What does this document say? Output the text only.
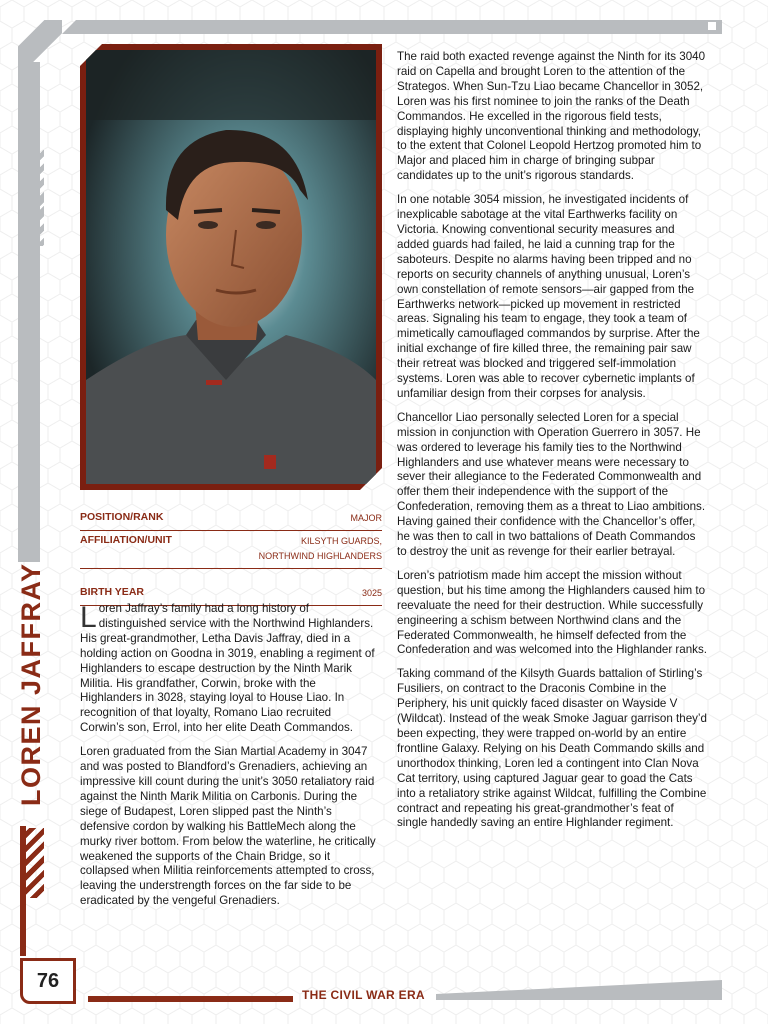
LOREN JAFFRAY
POSITION/RANK	MAJOR
AFFILIATION/UNIT	KILSYTH GUARDS,
NORTHWIND HIGHLANDERS
BIRTH YEAR	3025

Loren Jaffray’s family had a long history of distinguished service with the Northwind Highlanders. His great-grandmother, Letha Davis Jaffray, died in a holding action on Goodna in 3019, enabling a regiment of Highlanders to escape destruction by the Ninth Marik Militia. His grandfather, Corwin, broke with the Highlanders in 3028, staying loyal to House Liao. In recognition of that loyalty, Romano Liao recruited Corwin’s son, Errol, into her elite Death Commandos.

Loren graduated from the Sian Martial Academy in 3047 and was posted to Blandford’s Grenadiers, achieving an impressive kill count during the unit’s 3050 retaliatory raid against the Ninth Marik Militia on Carbonis. During the siege of Budapest, Loren slipped past the Ninth’s defensive cordon by walking his BattleMech along the murky river bottom. From below the waterline, he critically weakened the supports of the Chain Bridge, so it collapsed when Militia reinforcements attempted to cross, leaving the understrength forces on the far side to be eradicated by the vengeful Grenadiers.

The raid both exacted revenge against the Ninth for its 3040 raid on Capella and brought Loren to the attention of the Strategos. When Sun-Tzu Liao became Chancellor in 3052, Loren was his first nominee to join the ranks of the Death Commandos. He excelled in the rigorous field tests, displaying highly unconventional thinking and methodology, to the extent that Colonel Leopold Hertzog promoted him to Major and placed him in charge of bringing subpar candidates up to the unit’s rigorous standards.

In one notable 3054 mission, he investigated incidents of inexplicable sabotage at the vital Earthwerks facility on Victoria. Knowing conventional security measures and added guards had failed, he laid a cunning trap for the saboteurs. Despite no alarms having been tripped and no reports on security channels of anything unusual, Loren’s own constellation of remote sensors—air gapped from the Earthwerks network—picked up movement in restricted areas. Signaling his team to engage, they took a team of mimetically camouflaged commandos by surprise. After the initial exchange of fire killed three, the remaining pair saw their retreat was blocked and triggered self-immolation systems. Loren was able to recover cybernetic implants of unfamiliar design from their corpses for analysis.

Chancellor Liao personally selected Loren for a special mission in conjunction with Operation Guerrero in 3057. He was ordered to leverage his family ties to the Northwind Highlanders and use whatever means were necessary to sever their allegiance to the Federated Commonwealth and offer them their independence with the support of the Confederation, removing them as a threat to Liao ambitions. Having gained their confidence with the Chancellor’s offer, he was then to call in two battalions of Death Commandos to destroy the unit as revenge for their earlier betrayal.

Loren’s patriotism made him accept the mission without question, but his time among the Highlanders caused him to reevaluate the need for their destruction. While successfully engineering a schism between Northwind clans and the Federated Commonwealth, he himself defected from the Confederation and was welcomed into the Highlander ranks.

Taking command of the Kilsyth Guards battalion of Stirling’s Fusiliers, on contract to the Draconis Combine in the Periphery, his unit quickly faced disaster on Wayside V (Wildcat). Instead of the weak Smoke Jaguar garrison they’d been expecting, they were trapped on-world by an entire frontline Galaxy. Relying on his Death Commando skills and unorthodox thinking, Loren led a contingent into Clan Nova Cat territory, using captured Jaguar gear to goad the Cats into a retaliatory strike against Wildcat, fulfilling the Combine contract and repeating his great-grandmother’s feat of single handedly saving an entire Highlander regiment.

76
THE CIVIL WAR ERA
